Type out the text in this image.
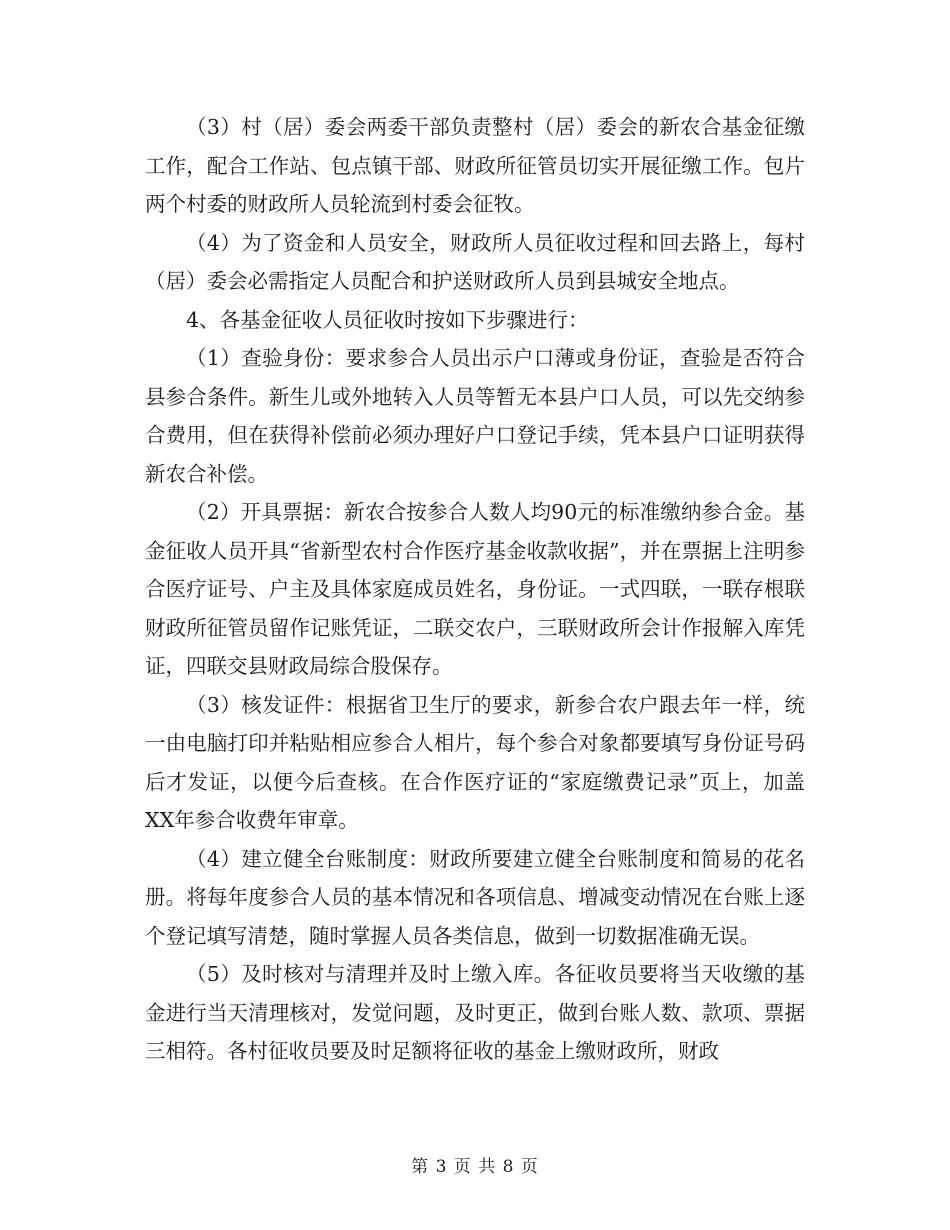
（3）村（居）委会两委干部负责整村（居）委会的新农合基金征缴工作，配合工作站、包点镇干部、财政所征管员切实开展征缴工作。包片两个村委的财政所人员轮流到村委会征牧。

（4）为了资金和人员安全，财政所人员征收过程和回去路上，每村（居）委会必需指定人员配合和护送财政所人员到县城安全地点。

4、各基金征收人员征收时按如下步骤进行：

（1）查验身份：要求参合人员出示户口薄或身份证，查验是否符合县参合条件。新生儿或外地转入人员等暂无本县户口人员，可以先交纳参合费用，但在获得补偿前必须办理好户口登记手续，凭本县户口证明获得新农合补偿。

（2）开具票据：新农合按参合人数人均90元的标准缴纳参合金。基金征收人员开具“省新型农村合作医疗基金收款收据”，并在票据上注明参合医疗证号、户主及具体家庭成员姓名，身份证。一式四联，一联存根联财政所征管员留作记账凭证，二联交农户，三联财政所会计作报解入库凭证，四联交县财政局综合股保存。

（3）核发证件：根据省卫生厅的要求，新参合农户跟去年一样，统一由电脑打印并粘贴相应参合人相片，每个参合对象都要填写身份证号码后才发证，以便今后查核。在合作医疗证的“家庭缴费记录”页上，加盖XX年参合收费年审章。

（4）建立健全台账制度：财政所要建立健全台账制度和简易的花名册。将每年度参合人员的基本情况和各项信息、增减变动情况在台账上逐个登记填写清楚，随时掌握人员各类信息，做到一切数据准确无误。

（5）及时核对与清理并及时上缴入库。各征收员要将当天收缴的基金进行当天清理核对，发觉问题，及时更正，做到台账人数、款项、票据三相符。各村征收员要及时足额将征收的基金上缴财政所，财政

第 3 页 共 8 页
